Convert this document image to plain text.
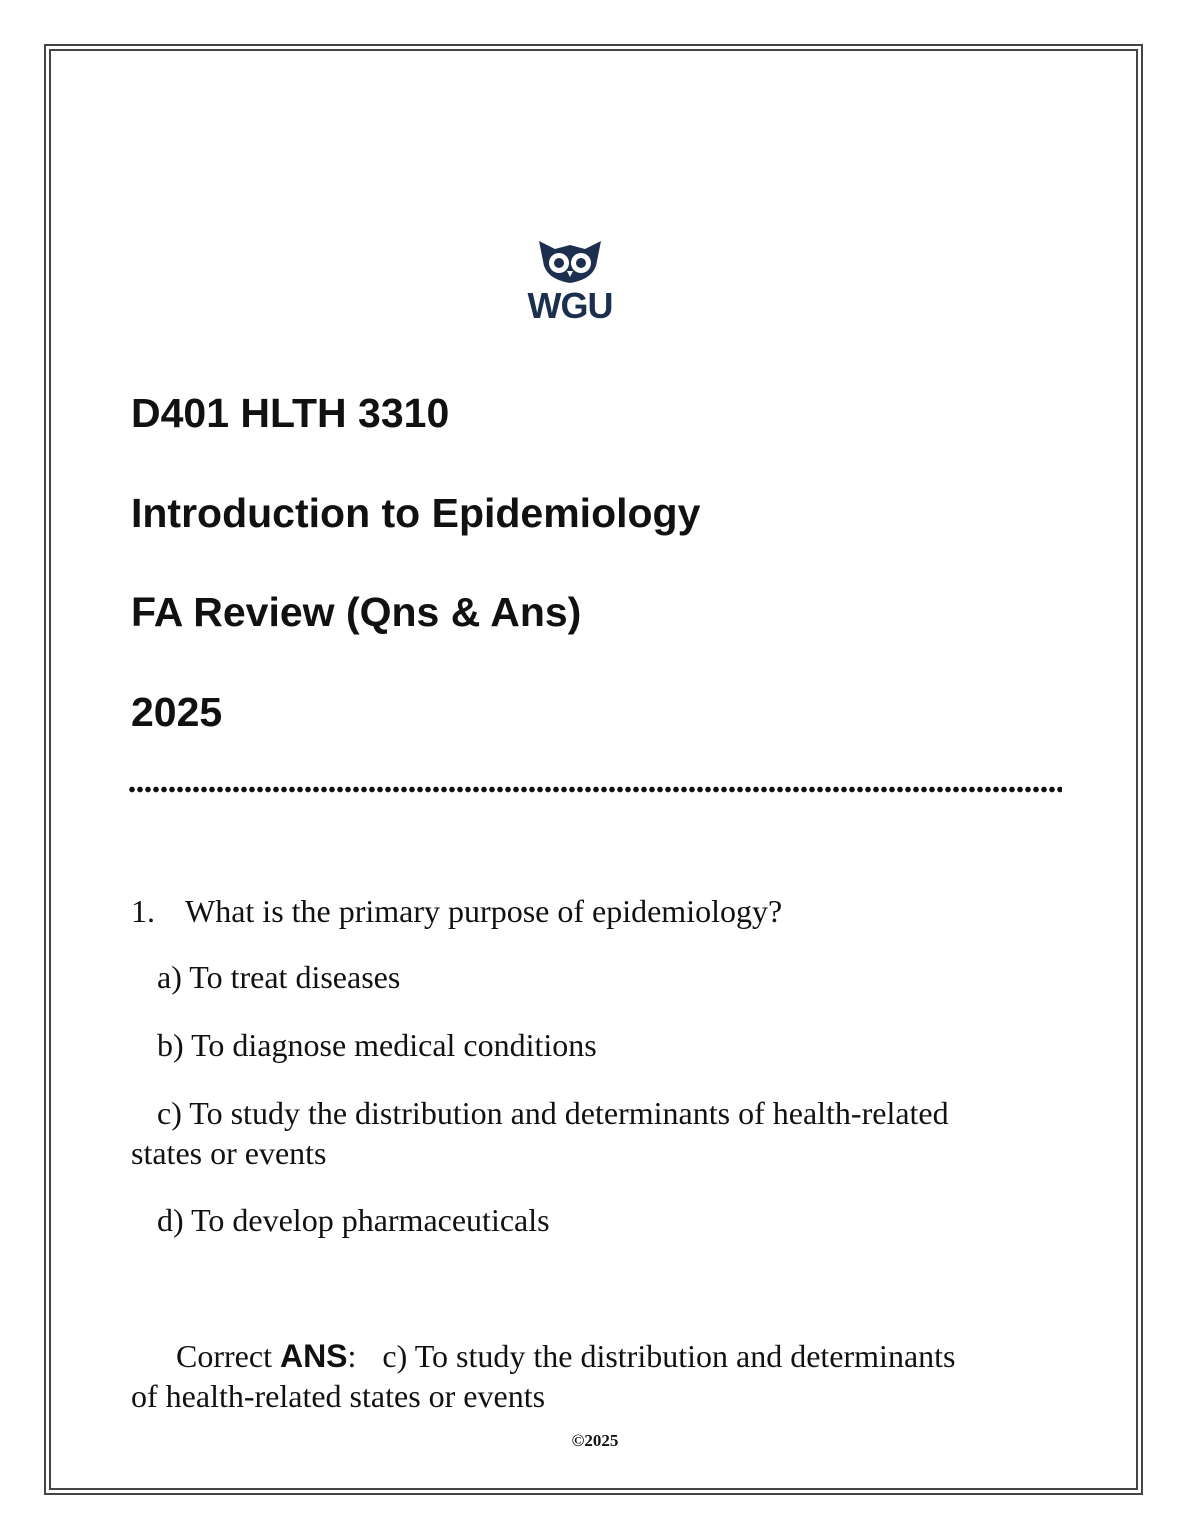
WGU
D401 HLTH 3310
Introduction to Epidemiology
FA Review (Qns & Ans)
2025
1. What is the primary purpose of epidemiology?
a) To treat diseases
b) To diagnose medical conditions
c) To study the distribution and determinants of health-related
states or events
d) To develop pharmaceuticals
Correct ANS: c) To study the distribution and determinants
of health-related states or events
©2025
